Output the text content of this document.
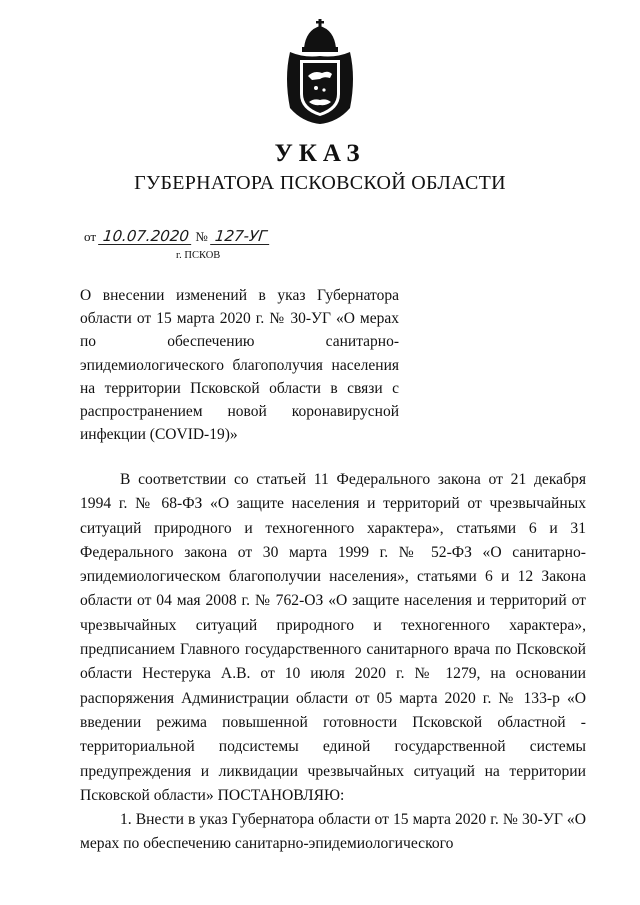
УКАЗ
ГУБЕРНАТОРА ПСКОВСКОЙ ОБЛАСТИ
от 10.07.2020 № 127-УГ
г. ПСКОВ
О внесении изменений в указ Губернатора области от 15 марта 2020 г. № 30-УГ «О мерах по обеспечению санитарно-эпидемиологического благополучия населения на территории Псковской области в связи с распространением новой коронавирусной инфекции (COVID-19)»

В соответствии со статьей 11 Федерального закона от 21 декабря 1994 г. № 68-ФЗ «О защите населения и территорий от чрезвычайных ситуаций природного и техногенного характера», статьями 6 и 31 Федерального закона от 30 марта 1999 г. № 52-ФЗ «О санитарно-эпидемиологическом благополучии населения», статьями 6 и 12 Закона области от 04 мая 2008 г. № 762-ОЗ «О защите населения и территорий от чрезвычайных ситуаций природного и техногенного характера», предписанием Главного государственного санитарного врача по Псковской области Нестерука А.В. от 10 июля 2020 г. № 1279, на основании распоряжения Администрации области от 05 марта 2020 г. № 133-р «О введении режима повышенной готовности Псковской областной - территориальной подсистемы единой государственной системы предупреждения и ликвидации чрезвычайных ситуаций на территории Псковской области» ПОСТАНОВЛЯЮ:

1. Внести в указ Губернатора области от 15 марта 2020 г. № 30-УГ «О мерах по обеспечению санитарно-эпидемиологического
